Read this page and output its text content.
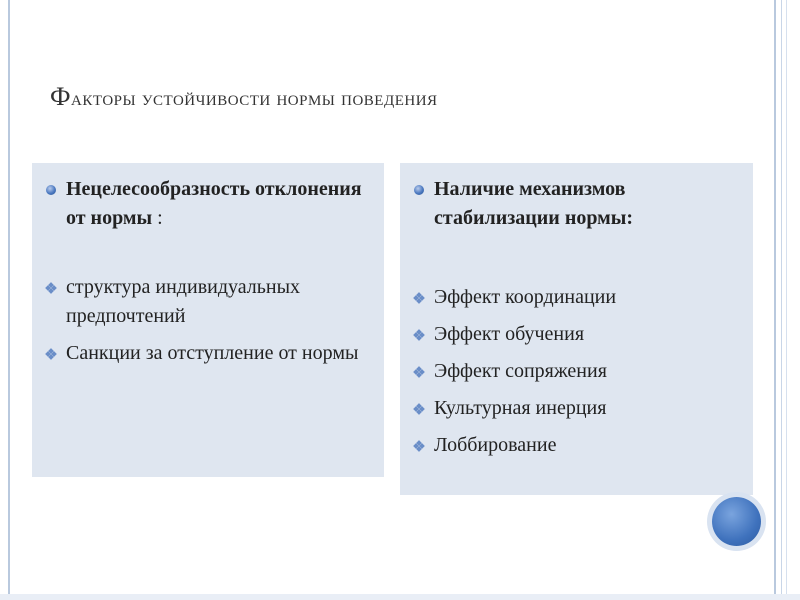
Факторы устойчивости нормы поведения
Нецелесообразность отклонения от нормы :
структура индивидуальных предпочтений
Санкции за отступление от нормы
Наличие механизмов стабилизации нормы:
Эффект координации
Эффект обучения
Эффект сопряжения
Культурная инерция
Лоббирование
